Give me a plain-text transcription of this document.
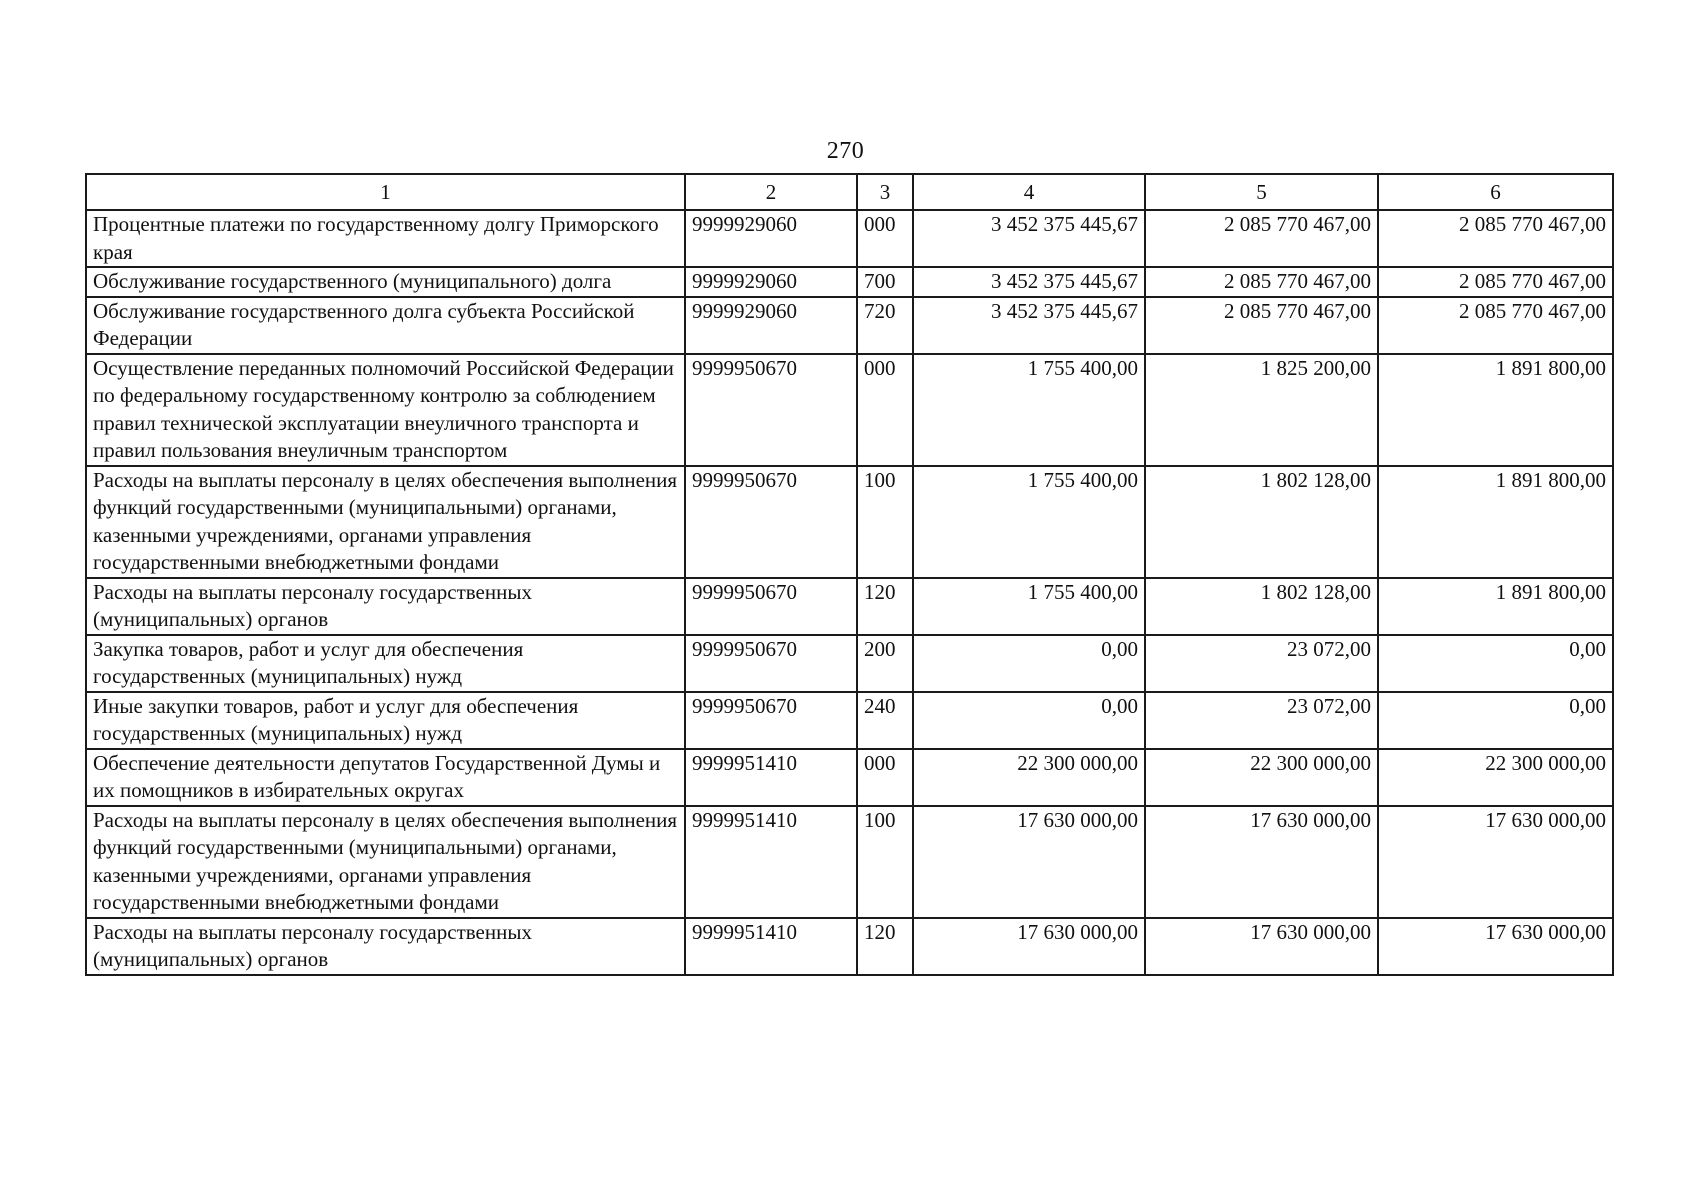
270
1	2	3	4	5	6
Процентные платежи по государственному долгу Приморского края	9999929060	000	3 452 375 445,67	2 085 770 467,00	2 085 770 467,00
Обслуживание государственного (муниципального) долга	9999929060	700	3 452 375 445,67	2 085 770 467,00	2 085 770 467,00
Обслуживание государственного долга субъекта Российской Федерации	9999929060	720	3 452 375 445,67	2 085 770 467,00	2 085 770 467,00
Осуществление переданных полномочий Российской Федерации по федеральному государственному контролю за соблюдением правил технической эксплуатации внеуличного транспорта и правил пользования внеуличным транспортом	9999950670	000	1 755 400,00	1 825 200,00	1 891 800,00
Расходы на выплаты персоналу в целях обеспечения выполнения функций государственными (муниципальными) органами, казенными учреждениями, органами управления государственными внебюджетными фондами	9999950670	100	1 755 400,00	1 802 128,00	1 891 800,00
Расходы на выплаты персоналу государственных (муниципальных) органов	9999950670	120	1 755 400,00	1 802 128,00	1 891 800,00
Закупка товаров, работ и услуг для обеспечения государственных (муниципальных) нужд	9999950670	200	0,00	23 072,00	0,00
Иные закупки товаров, работ и услуг для обеспечения государственных (муниципальных) нужд	9999950670	240	0,00	23 072,00	0,00
Обеспечение деятельности депутатов Государственной Думы и их помощников в избирательных округах	9999951410	000	22 300 000,00	22 300 000,00	22 300 000,00
Расходы на выплаты персоналу в целях обеспечения выполнения функций государственными (муниципальными) органами, казенными учреждениями, органами управления государственными внебюджетными фондами	9999951410	100	17 630 000,00	17 630 000,00	17 630 000,00
Расходы на выплаты персоналу государственных (муниципальных) органов	9999951410	120	17 630 000,00	17 630 000,00	17 630 000,00
